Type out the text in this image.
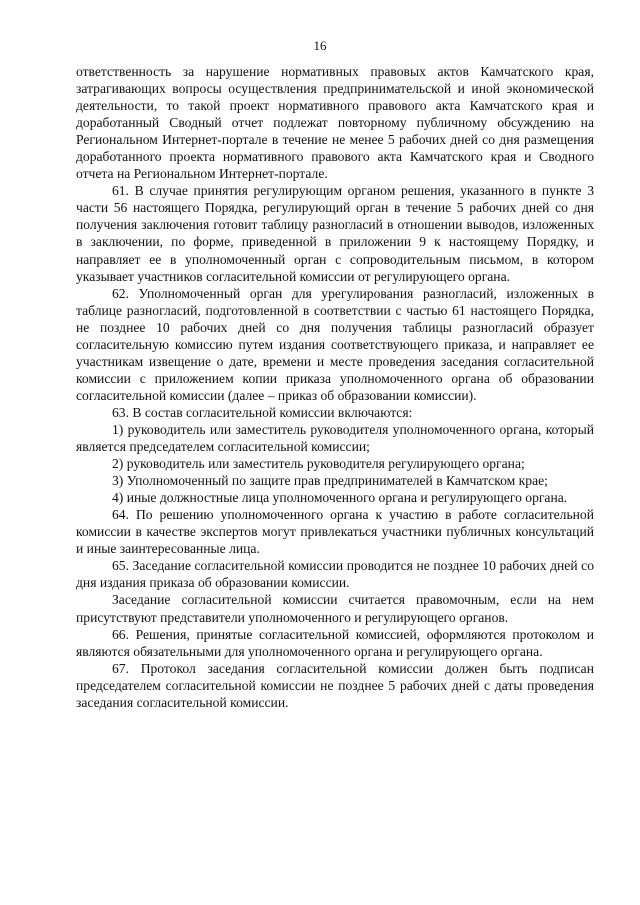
16

ответственность за нарушение нормативных правовых актов Камчатского края, затрагивающих вопросы осуществления предпринимательской и иной экономической деятельности, то такой проект нормативного правового акта Камчатского края и доработанный Сводный отчет подлежат повторному публичному обсуждению на Региональном Интернет-портале в течение не менее 5 рабочих дней со дня размещения доработанного проекта нормативного правового акта Камчатского края и Сводного отчета на Региональном Интернет-портале.

61. В случае принятия регулирующим органом решения, указанного в пункте 3 части 56 настоящего Порядка, регулирующий орган в течение 5 рабочих дней со дня получения заключения готовит таблицу разногласий в отношении выводов, изложенных в заключении, по форме, приведенной в приложении 9 к настоящему Порядку, и направляет ее в уполномоченный орган с сопроводительным письмом, в котором указывает участников согласительной комиссии от регулирующего органа.

62. Уполномоченный орган для урегулирования разногласий, изложенных в таблице разногласий, подготовленной в соответствии с частью 61 настоящего Порядка, не позднее 10 рабочих дней со дня получения таблицы разногласий образует согласительную комиссию путем издания соответствующего приказа, и направляет ее участникам извещение о дате, времени и месте проведения заседания согласительной комиссии с приложением копии приказа уполномоченного органа об образовании согласительной комиссии (далее – приказ об образовании комиссии).

63. В состав согласительной комиссии включаются:

1) руководитель или заместитель руководителя уполномоченного органа, который является председателем согласительной комиссии;

2) руководитель или заместитель руководителя регулирующего органа;

3) Уполномоченный по защите прав предпринимателей в Камчатском крае;

4) иные должностные лица уполномоченного органа и регулирующего органа.

64. По решению уполномоченного органа к участию в работе согласительной комиссии в качестве экспертов могут привлекаться участники публичных консультаций и иные заинтересованные лица.

65. Заседание согласительной комиссии проводится не позднее 10 рабочих дней со дня издания приказа об образовании комиссии.

Заседание согласительной комиссии считается правомочным, если на нем присутствуют представители уполномоченного и регулирующего органов.

66. Решения, принятые согласительной комиссией, оформляются протоколом и являются обязательными для уполномоченного органа и регулирующего органа.

67. Протокол заседания согласительной комиссии должен быть подписан председателем согласительной комиссии не позднее 5 рабочих дней с даты проведения заседания согласительной комиссии.
